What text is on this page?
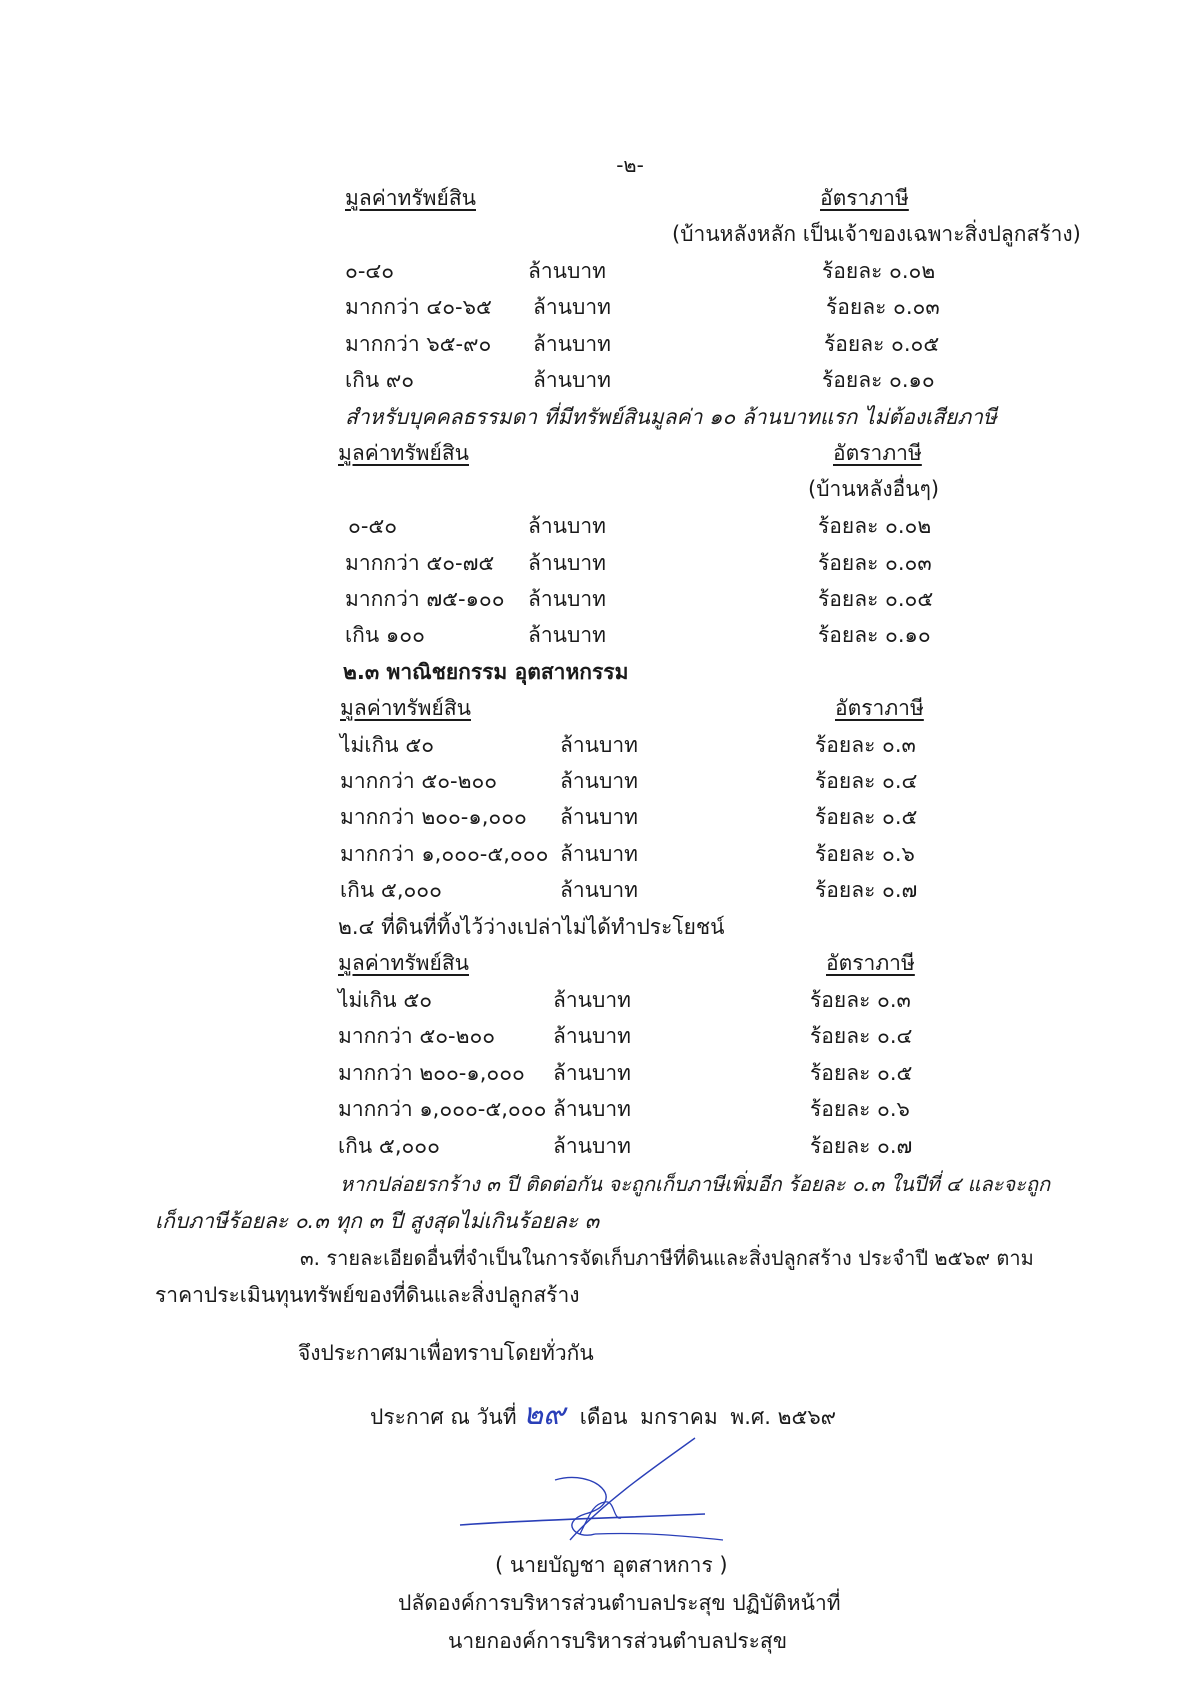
-๒-
มูลค่าทรัพย์สิน	อัตราภาษี
(บ้านหลังหลัก เป็นเจ้าของเฉพาะสิ่งปลูกสร้าง)
๐-๔๐	ล้านบาท	ร้อยละ ๐.๐๒
มากกว่า ๔๐-๖๕ ล้านบาท	ร้อยละ ๐.๐๓
มากกว่า ๖๕-๙๐ ล้านบาท	ร้อยละ ๐.๐๕
เกิน ๙๐	ล้านบาท	ร้อยละ ๐.๑๐
สำหรับบุคคลธรรมดา ที่มีทรัพย์สินมูลค่า ๑๐ ล้านบาทแรก ไม่ต้องเสียภาษี
มูลค่าทรัพย์สิน	อัตราภาษี
(บ้านหลังอื่นๆ)
๐-๕๐	ล้านบาท	ร้อยละ ๐.๐๒
มากกว่า ๕๐-๗๕ ล้านบาท	ร้อยละ ๐.๐๓
มากกว่า ๗๕-๑๐๐ ล้านบาท	ร้อยละ ๐.๐๕
เกิน ๑๐๐	ล้านบาท	ร้อยละ ๐.๑๐
๒.๓ พาณิชยกรรม อุตสาหกรรม
มูลค่าทรัพย์สิน	อัตราภาษี
ไม่เกิน ๕๐	ล้านบาท	ร้อยละ ๐.๓
มากกว่า ๕๐-๒๐๐	ล้านบาท	ร้อยละ ๐.๔
มากกว่า ๒๐๐-๑,๐๐๐ ล้านบาท	ร้อยละ ๐.๕
มากกว่า ๑,๐๐๐-๕,๐๐๐ ล้านบาท	ร้อยละ ๐.๖
เกิน ๕,๐๐๐	ล้านบาท	ร้อยละ ๐.๗
๒.๔ ที่ดินที่ทิ้งไว้ว่างเปล่าไม่ได้ทำประโยชน์
มูลค่าทรัพย์สิน	อัตราภาษี
ไม่เกิน ๕๐	ล้านบาท	ร้อยละ ๐.๓
มากกว่า ๕๐-๒๐๐	ล้านบาท	ร้อยละ ๐.๔
มากกว่า ๒๐๐-๑,๐๐๐ ล้านบาท	ร้อยละ ๐.๕
มากกว่า ๑,๐๐๐-๕,๐๐๐ ล้านบาท	ร้อยละ ๐.๖
เกิน ๕,๐๐๐	ล้านบาท	ร้อยละ ๐.๗
หากปล่อยรกร้าง ๓ ปี ติดต่อกัน จะถูกเก็บภาษีเพิ่มอีก ร้อยละ ๐.๓ ในปีที่ ๔ และจะถูก
เก็บภาษีร้อยละ ๐.๓ ทุก ๓ ปี สูงสุดไม่เกินร้อยละ ๓
๓. รายละเอียดอื่นที่จำเป็นในการจัดเก็บภาษีที่ดินและสิ่งปลูกสร้าง ประจำปี ๒๕๖๙ ตาม
ราคาประเมินทุนทรัพย์ของที่ดินและสิ่งปลูกสร้าง
จึงประกาศมาเพื่อทราบโดยทั่วกัน
ประกาศ ณ วันที่ ๒๙ เดือน มกราคม พ.ศ. ๒๕๖๙
( นายบัญชา อุตสาหการ )
ปลัดองค์การบริหารส่วนตำบลประสุข ปฏิบัติหน้าที่
นายกองค์การบริหารส่วนตำบลประสุข
